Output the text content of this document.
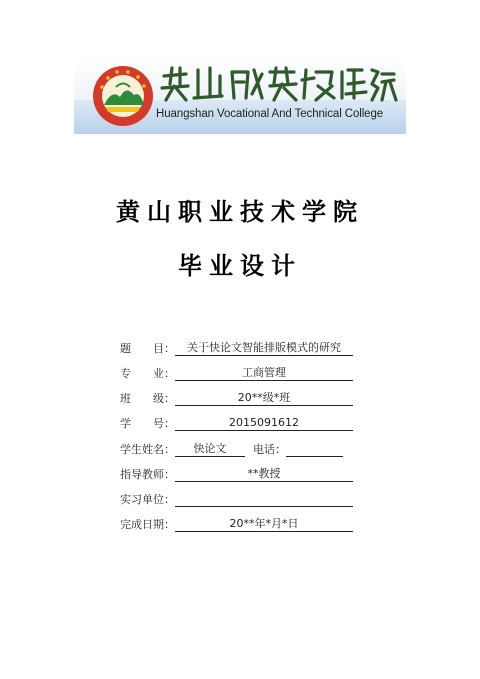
Huangshan Vocational And Technical College
黄山职业技术学院
毕业设计
题　　目 ：	关于快论文智能排版模式的研究
专　　业 ：	工商管理
班　　级 ：	20**级*班
学　　号 ：	2015091612
学生姓名 ：	快论文	电话 ：
指导教师 ：	**教授
实习单位 ：
完成日期 ：	20**年*月*日
